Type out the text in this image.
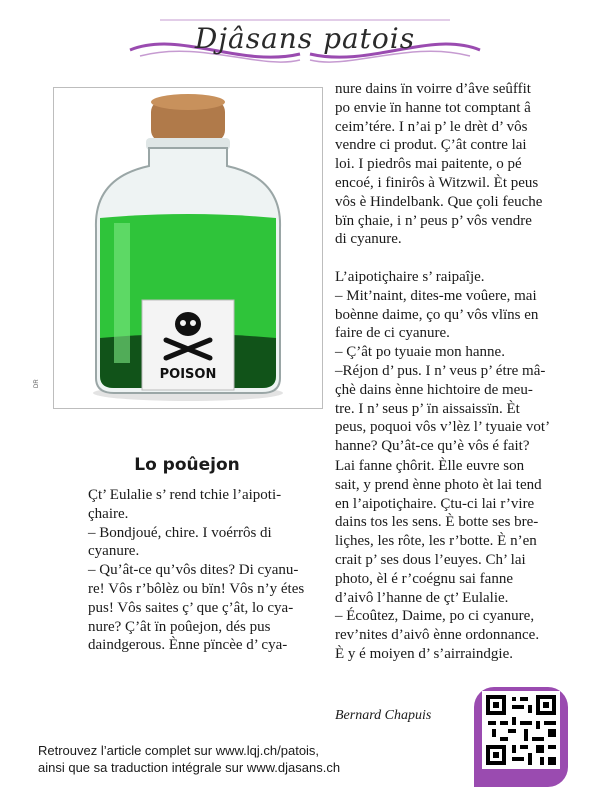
Djâsans patois
POISON
DR
Lo poûejon
Çt’ Eulalie s’ rend tchie l’aipoti-
çhaire.
– Bondjoué, chire. I voérrôs di
cyanure.
– Qu’ât-ce qu’vôs dites? Di cyanu-
re! Vôs r’bôlèz ou bïn! Vôs n’y étes
pus! Vôs saites ç’ que ç’ât, lo cya-
nure? Ç’ât ïn poûejon, dés pus
daindgerous. Ènne pïncèe d’ cya-
nure dains ïn voirre d’âve seûffit
po envie ïn hanne tot comptant â
ceim’tére. I n’ai p’ le drèt d’ vôs
vendre ci produt. Ç’ât contre lai
loi. I piedrôs mai paitente, o pé
encoé, i finirôs à Witzwil. Èt peus
vôs è Hindelbank. Que çoli feuche
bïn çhaie, i n’ peus p’ vôs vendre
di cyanure.

L’aipotiçhaire s’ raipaîje.
– Mit’naint, dites-me voûere, mai
boènne daime, ço qu’ vôs vlïns en
faire de ci cyanure.
– Ç’ât po tyuaie mon hanne.
–Réjon d’ pus. I n’ veus p’ étre mâ-
çhè dains ènne hichtoire de meu-
tre. I n’ seus p’ ïn aissaissïn. Èt
peus, poquoi vôs v’lèz l’ tyuaie vot’
hanne? Qu’ât-ce qu’è vôs é fait?
Lai fanne çhôrit. Èlle euvre son
sait, y prend ènne photo èt lai tend
en l’aipotiçhaire. Çtu-ci lai r’vire
dains tos les sens. È botte ses bre-
liçhes, les rôte, les r’botte. È n’en
crait p’ ses dous l’euyes. Ch’ lai
photo, èl é r’coégnu sai fanne
d’aivô l’hanne de çt’ Eulalie.
– Écoûtez, Daime, po ci cyanure,
rev’nites d’aivô ènne ordonnance.
È y é moiyen d’ s’airraindgie.
Bernard Chapuis
Retrouvez l’article complet sur www.lqj.ch/patois,
ainsi que sa traduction intégrale sur www.djasans.ch
